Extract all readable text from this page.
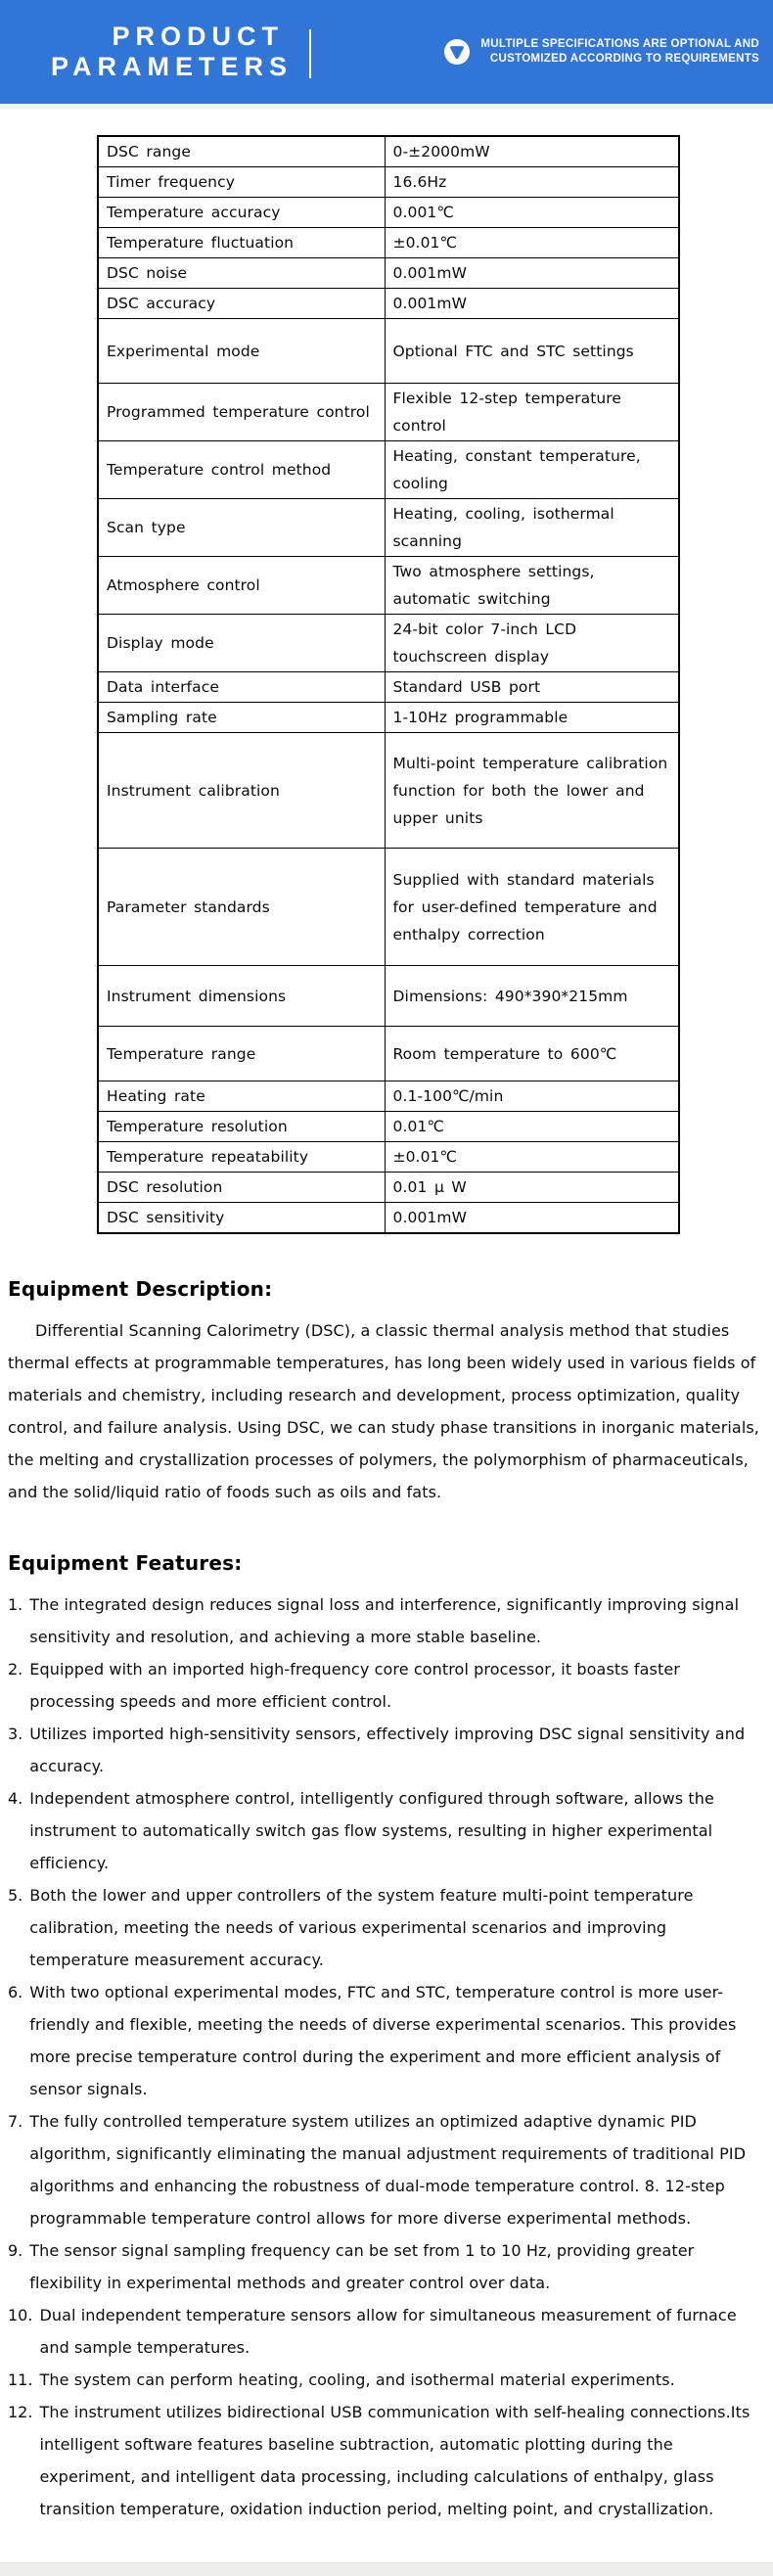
PRODUCT
PARAMETERS
MULTIPLE SPECIFICATIONS ARE OPTIONAL AND
CUSTOMIZED ACCORDING TO REQUIREMENTS
DSC range	0-±2000mW
Timer frequency	16.6Hz
Temperature accuracy	0.001℃
Temperature fluctuation	±0.01℃
DSC noise	0.001mW
DSC accuracy	0.001mW
Experimental mode	Optional FTC and STC settings
Programmed temperature control	Flexible 12-step temperature control
Temperature control method	Heating, constant temperature, cooling
Scan type	Heating, cooling, isothermal scanning
Atmosphere control	Two atmosphere settings, automatic switching
Display mode	24-bit color 7-inch LCD touchscreen display
Data interface	Standard USB port
Sampling rate	1-10Hz programmable
Instrument calibration	Multi-point temperature calibration function for both the lower and upper units
Parameter standards	Supplied with standard materials for user-defined temperature and enthalpy correction
Instrument dimensions	Dimensions: 490*390*215mm
Temperature range	Room temperature to 600℃
Heating rate	0.1-100℃/min
Temperature resolution	0.01℃
Temperature repeatability	±0.01℃
DSC resolution	0.01 μ W
DSC sensitivity	0.001mW
Equipment Description:

Differential Scanning Calorimetry (DSC), a classic thermal analysis method that studies thermal effects at programmable temperatures, has long been widely used in various fields of materials and chemistry, including research and development, process optimization, quality control, and failure analysis. Using DSC, we can study phase transitions in inorganic materials, the melting and crystallization processes of polymers, the polymorphism of pharmaceuticals, and the solid/liquid ratio of foods such as oils and fats.

Equipment Features:
1. The integrated design reduces signal loss and interference, significantly improving signal sensitivity and resolution, and achieving a more stable baseline.
2. Equipped with an imported high-frequency core control processor, it boasts faster processing speeds and more efficient control.
3. Utilizes imported high-sensitivity sensors, effectively improving DSC signal sensitivity and accuracy.
4. Independent atmosphere control, intelligently configured through software, allows the instrument to automatically switch gas flow systems, resulting in higher experimental efficiency.
5. Both the lower and upper controllers of the system feature multi-point temperature calibration, meeting the needs of various experimental scenarios and improving temperature measurement accuracy.
6. With two optional experimental modes, FTC and STC, temperature control is more user-friendly and flexible, meeting the needs of diverse experimental scenarios. This provides more precise temperature control during the experiment and more efficient analysis of sensor signals.
7. The fully controlled temperature system utilizes an optimized adaptive dynamic PID algorithm, significantly eliminating the manual adjustment requirements of traditional PID algorithms and enhancing the robustness of dual-mode temperature control. 8. 12-step programmable temperature control allows for more diverse experimental methods.
9. The sensor signal sampling frequency can be set from 1 to 10 Hz, providing greater flexibility in experimental methods and greater control over data.
10. Dual independent temperature sensors allow for simultaneous measurement of furnace and sample temperatures.
11. The system can perform heating, cooling, and isothermal material experiments.
12. The instrument utilizes bidirectional USB communication with self-healing connections.Its intelligent software features baseline subtraction, automatic plotting during the experiment, and intelligent data processing, including calculations of enthalpy, glass transition temperature, oxidation induction period, melting point, and crystallization.
